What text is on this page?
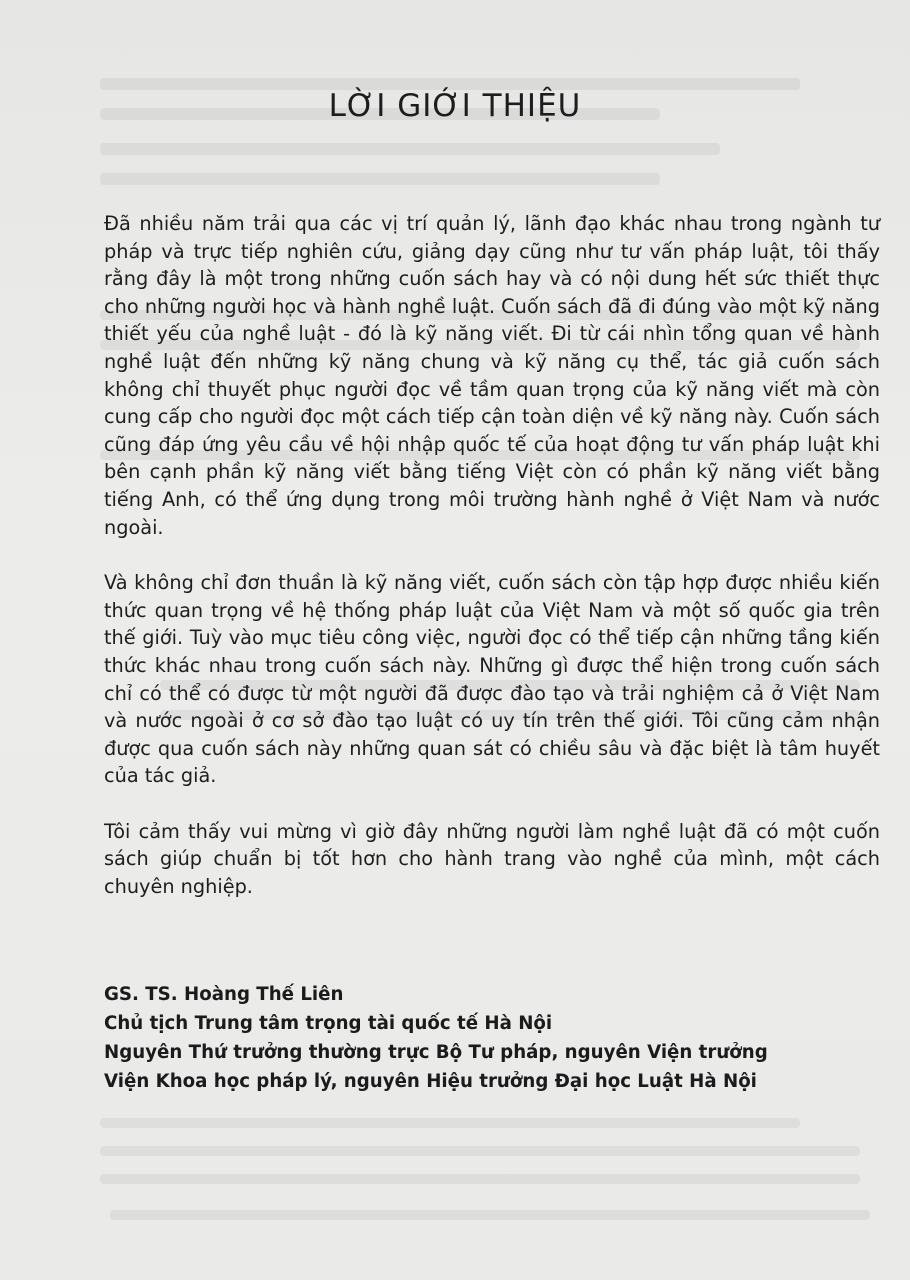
LỜI GIỚI THIỆU

Đã nhiều năm trải qua các vị trí quản lý, lãnh đạo khác nhau trong ngành tư pháp và trực tiếp nghiên cứu, giảng dạy cũng như tư vấn pháp luật, tôi thấy rằng đây là một trong những cuốn sách hay và có nội dung hết sức thiết thực cho những người học và hành nghề luật. Cuốn sách đã đi đúng vào một kỹ năng thiết yếu của nghề luật - đó là kỹ năng viết. Đi từ cái nhìn tổng quan về hành nghề luật đến những kỹ năng chung và kỹ năng cụ thể, tác giả cuốn sách không chỉ thuyết phục người đọc về tầm quan trọng của kỹ năng viết mà còn cung cấp cho người đọc một cách tiếp cận toàn diện về kỹ năng này. Cuốn sách cũng đáp ứng yêu cầu về hội nhập quốc tế của hoạt động tư vấn pháp luật khi bên cạnh phần kỹ năng viết bằng tiếng Việt còn có phần kỹ năng viết bằng tiếng Anh, có thể ứng dụng trong môi trường hành nghề ở Việt Nam và nước ngoài.

Và không chỉ đơn thuần là kỹ năng viết, cuốn sách còn tập hợp được nhiều kiến thức quan trọng về hệ thống pháp luật của Việt Nam và một số quốc gia trên thế giới. Tuỳ vào mục tiêu công việc, người đọc có thể tiếp cận những tầng kiến thức khác nhau trong cuốn sách này. Những gì được thể hiện trong cuốn sách chỉ có thể có được từ một người đã được đào tạo và trải nghiệm cả ở Việt Nam và nước ngoài ở cơ sở đào tạo luật có uy tín trên thế giới. Tôi cũng cảm nhận được qua cuốn sách này những quan sát có chiều sâu và đặc biệt là tâm huyết của tác giả.

Tôi cảm thấy vui mừng vì giờ đây những người làm nghề luật đã có một cuốn sách giúp chuẩn bị tốt hơn cho hành trang vào nghề của mình, một cách chuyên nghiệp.

GS. TS. Hoàng Thế Liên
Chủ tịch Trung tâm trọng tài quốc tế Hà Nội
Nguyên Thứ trưởng thường trực Bộ Tư pháp, nguyên Viện trưởng
Viện Khoa học pháp lý, nguyên Hiệu trưởng Đại học Luật Hà Nội
